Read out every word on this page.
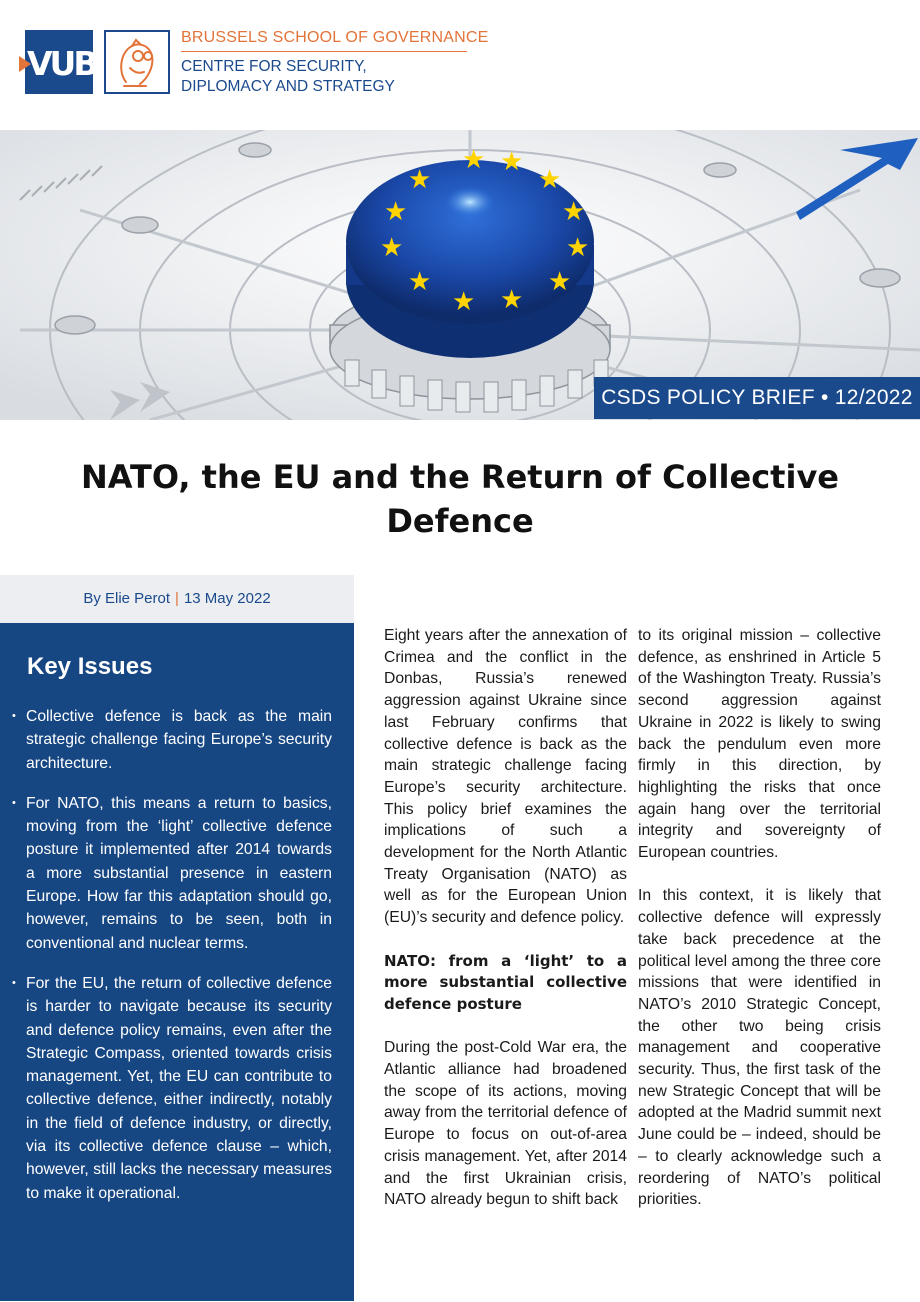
VUB
BRUSSELS SCHOOL OF GOVERNANCE
CENTRE FOR SECURITY,
DIPLOMACY AND STRATEGY
★ ★
★
★
★
★
★
★
★
★
★
★
CSDS POLICY BRIEF • 12/2022
NATO, the EU and the Return of Collective Defence
By Elie Perot | 13 May 2022
Key Issues
• Collective defence is back as the main strategic challenge facing Europe’s security architecture.
• For NATO, this means a return to basics, moving from the ‘light’ collective defence posture it implemented after 2014 towards a more substantial presence in eastern Europe. How far this adaptation should go, however, remains to be seen, both in conventional and nuclear terms.
• For the EU, the return of collective defence is harder to navigate because its security and defence policy remains, even after the Strategic Compass, oriented towards crisis management. Yet, the EU can contribute to collective defence, either indirectly, notably in the field of defence industry, or directly, via its collective defence clause – which, however, still lacks the necessary measures to make it operational.

Eight years after the annexation of Crimea and the conflict in the Donbas, Russia’s renewed aggression against Ukraine since last February confirms that collective defence is back as the main strategic challenge facing Europe’s security architecture. This policy brief examines the implications of such a development for the North Atlantic Treaty Organisation (NATO) as well as for the European Union (EU)’s security and defence policy.

NATO: from a ‘light’ to a more substantial collective defence posture

During the post-Cold War era, the Atlantic alliance had broadened the scope of its actions, moving away from the territorial defence of Europe to focus on out-of-area crisis management. Yet, after 2014 and the first Ukrainian crisis, NATO already begun to shift back

to its original mission – collective defence, as enshrined in Article 5 of the Washington Treaty. Russia’s second aggression against Ukraine in 2022 is likely to swing back the pendulum even more firmly in this direction, by highlighting the risks that once again hang over the territorial integrity and sovereignty of European countries.

In this context, it is likely that collective defence will expressly take back precedence at the political level among the three core missions that were identified in NATO’s 2010 Strategic Concept, the other two being crisis management and cooperative security. Thus, the first task of the new Strategic Concept that will be adopted at the Madrid summit next June could be – indeed, should be – to clearly acknowledge such a reordering of NATO’s political priorities.
